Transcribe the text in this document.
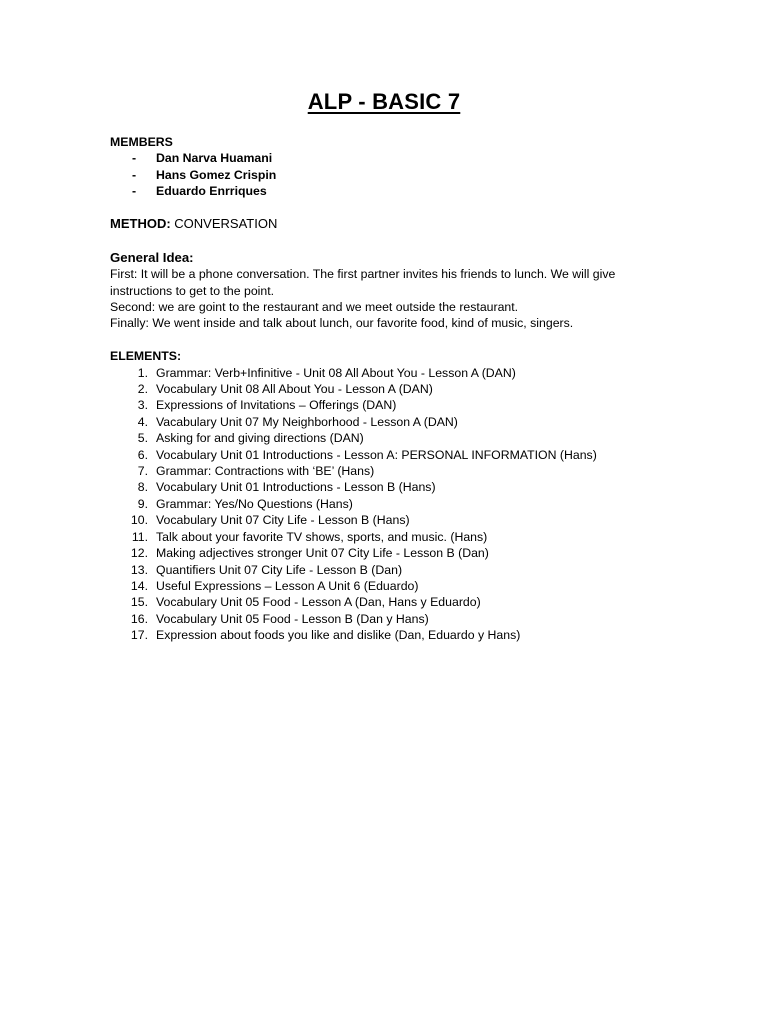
ALP - BASIC 7
MEMBERS
- Dan Narva Huamani
- Hans Gomez Crispin
- Eduardo Enrriques
METHOD: CONVERSATION
General Idea:
First: It will be a phone conversation. The first partner invites his friends to lunch. We will give instructions to get to the point.
Second: we are goint to the restaurant and we meet outside the restaurant.
Finally: We went inside and talk about lunch, our favorite food, kind of music, singers.
ELEMENTS:
1. Grammar: Verb+Infinitive - Unit 08 All About You - Lesson A (DAN)
2. Vocabulary Unit 08 All About You - Lesson A (DAN)
3. Expressions of Invitations – Offerings (DAN)
4. Vacabulary Unit 07 My Neighborhood - Lesson A (DAN)
5. Asking for and giving directions (DAN)
6. Vocabulary Unit 01 Introductions - Lesson A: PERSONAL INFORMATION (Hans)
7. Grammar: Contractions with ‘BE’ (Hans)
8. Vocabulary Unit 01 Introductions - Lesson B (Hans)
9. Grammar: Yes/No Questions (Hans)
10. Vocabulary Unit 07 City Life - Lesson B (Hans)
11. Talk about your favorite TV shows, sports, and music. (Hans)
12. Making adjectives stronger Unit 07 City Life - Lesson B (Dan)
13. Quantifiers Unit 07 City Life - Lesson B (Dan)
14. Useful Expressions – Lesson A Unit 6 (Eduardo)
15. Vocabulary Unit 05 Food - Lesson A (Dan, Hans y Eduardo)
16. Vocabulary Unit 05 Food - Lesson B (Dan y Hans)
17. Expression about foods you like and dislike (Dan, Eduardo y Hans)
